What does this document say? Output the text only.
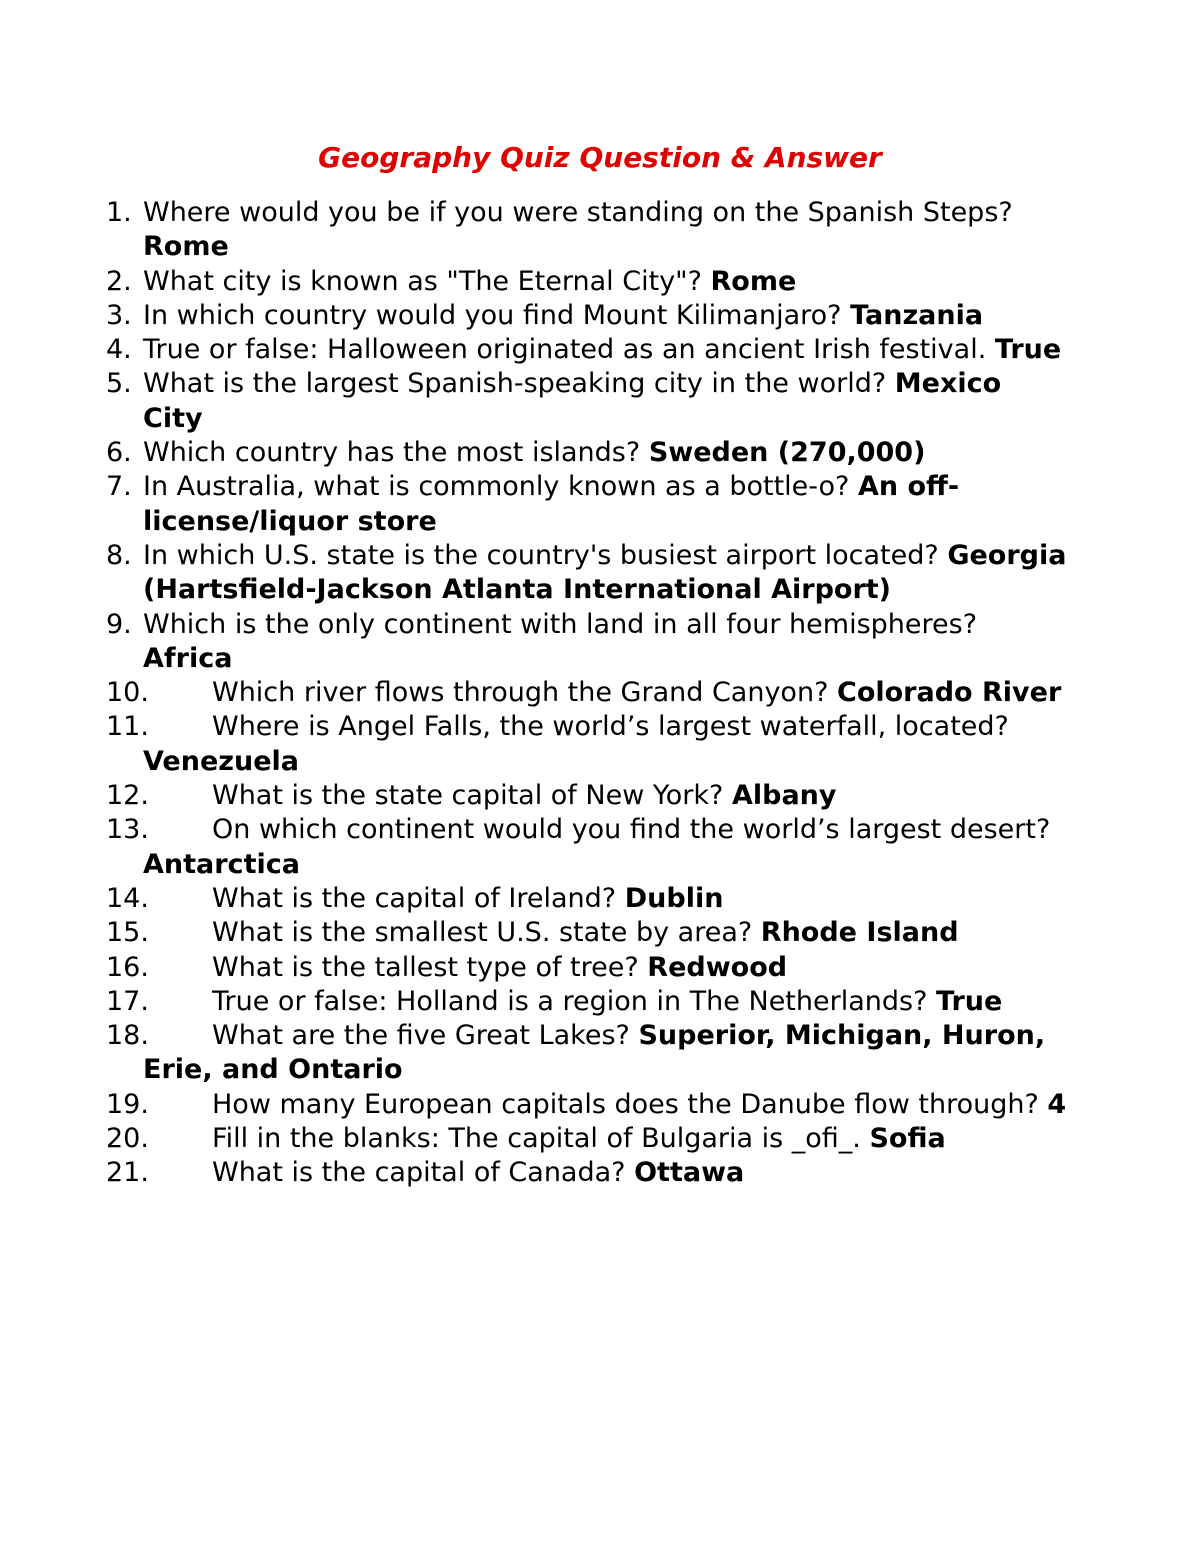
Geography Quiz Question & Answer
1. Where would you be if you were standing on the Spanish Steps? Rome
2. What city is known as "The Eternal City"? Rome
3. In which country would you find Mount Kilimanjaro? Tanzania
4. True or false: Halloween originated as an ancient Irish festival. True
5. What is the largest Spanish-speaking city in the world? Mexico City
6. Which country has the most islands? Sweden (270,000)
7. In Australia, what is commonly known as a bottle-o? An off-license/liquor store
8. In which U.S. state is the country's busiest airport located? Georgia (Hartsfield-Jackson Atlanta International Airport)
9. Which is the only continent with land in all four hemispheres? Africa
10. Which river flows through the Grand Canyon? Colorado River
11. Where is Angel Falls, the world’s largest waterfall, located? Venezuela
12. What is the state capital of New York? Albany
13. On which continent would you find the world’s largest desert? Antarctica
14. What is the capital of Ireland? Dublin
15. What is the smallest U.S. state by area? Rhode Island
16. What is the tallest type of tree? Redwood
17. True or false: Holland is a region in The Netherlands? True
18. What are the five Great Lakes? Superior, Michigan, Huron, Erie, and Ontario
19. How many European capitals does the Danube flow through? 4
20. Fill in the blanks: The capital of Bulgaria is _ofi_. Sofia
21. What is the capital of Canada? Ottawa
